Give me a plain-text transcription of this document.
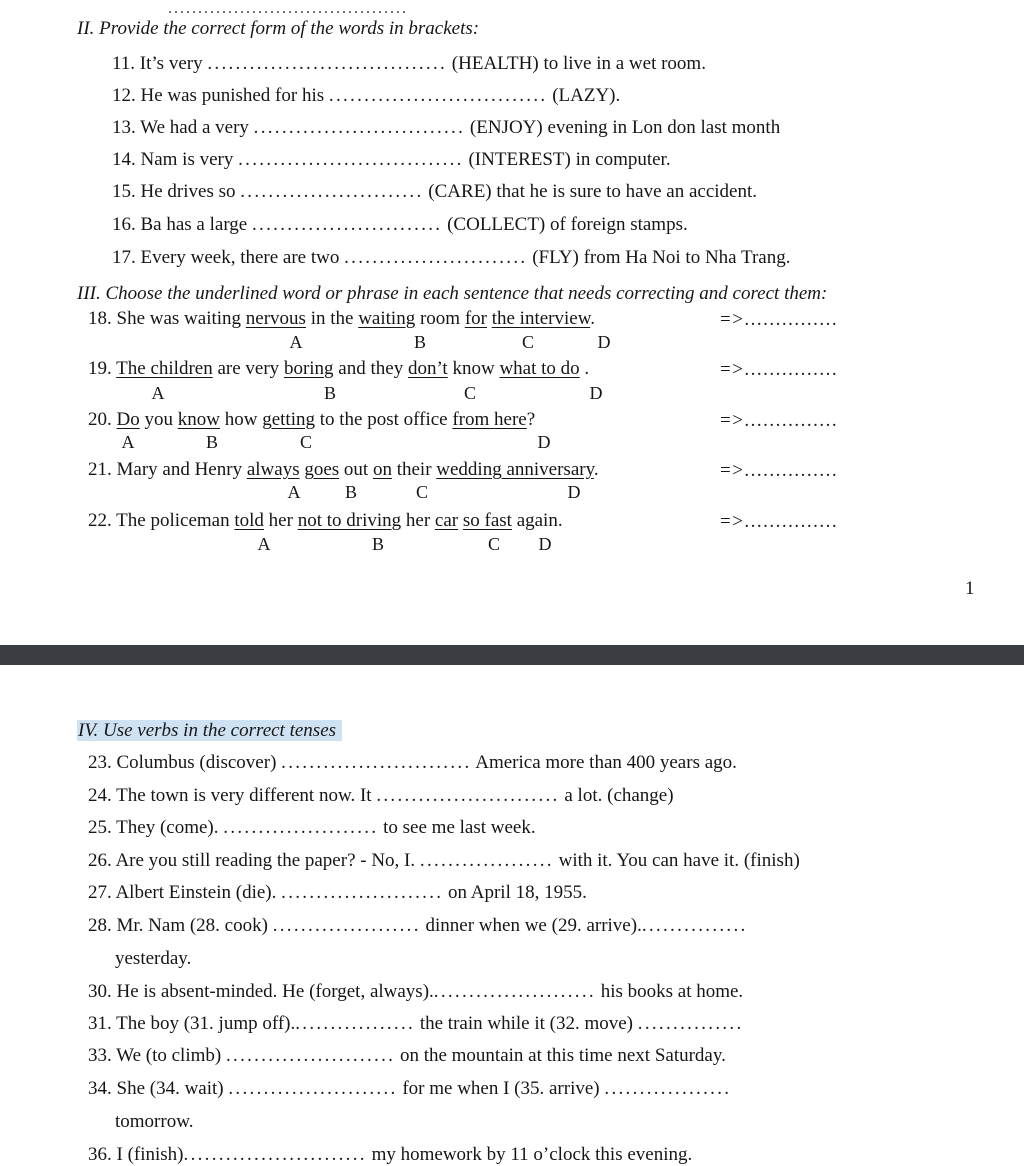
........................................
II. Provide the correct form of the words in brackets:
11. It’s very .................................. (HEALTH) to live in a wet room.
12. He was punished for his ............................... (LAZY).
13. We had a very .............................. (ENJOY) evening in Lon don last month
14. Nam is very ................................ (INTEREST) in computer.
15. He drives so .......................... (CARE) that he is sure to have an accident.
16. Ba has a large ........................... (COLLECT) of foreign stamps.
17. Every week, there are two .......................... (FLY) from Ha Noi to Nha Trang.
III. Choose the underlined word or phrase in each sentence that needs correcting and corect them:
18. She was waiting nervous in the waiting room for the interview.
A	B	C	D
=>...............
19. The children are very boring and they don’t know what to do .
A	B	C	D
=>...............
20. Do you know how getting to the post office from here?
A	B	C	D
=>...............
21. Mary and Henry always goes out on their wedding anniversary.
A	B	C	D
=>...............
22. The policeman told her not to driving her car so fast again.
A	B	C	D
=>...............
1
IV. Use verbs in the correct tenses
23. Columbus (discover) ........................... America more than 400 years ago.
24. The town is very different now. It .......................... a lot. (change)
25. They (come). ...................... to see me last week.
26. Are you still reading the paper? - No, I. ................... with it. You can have it. (finish)
27. Albert Einstein (die). ....................... on April 18, 1955.
28. Mr. Nam (28. cook) ..................... dinner when we (29. arrive)................
yesterday.
30. He is absent-minded. He (forget, always)........................ his books at home.
31. The boy (31. jump off).................. the train while it (32. move) ...............
33. We (to climb) ........................ on the mountain at this time next Saturday.
34. She (34. wait) ........................ for me when I (35. arrive) ..................
tomorrow.
36. I (finish).......................... my homework by 11 o’clock this evening.
